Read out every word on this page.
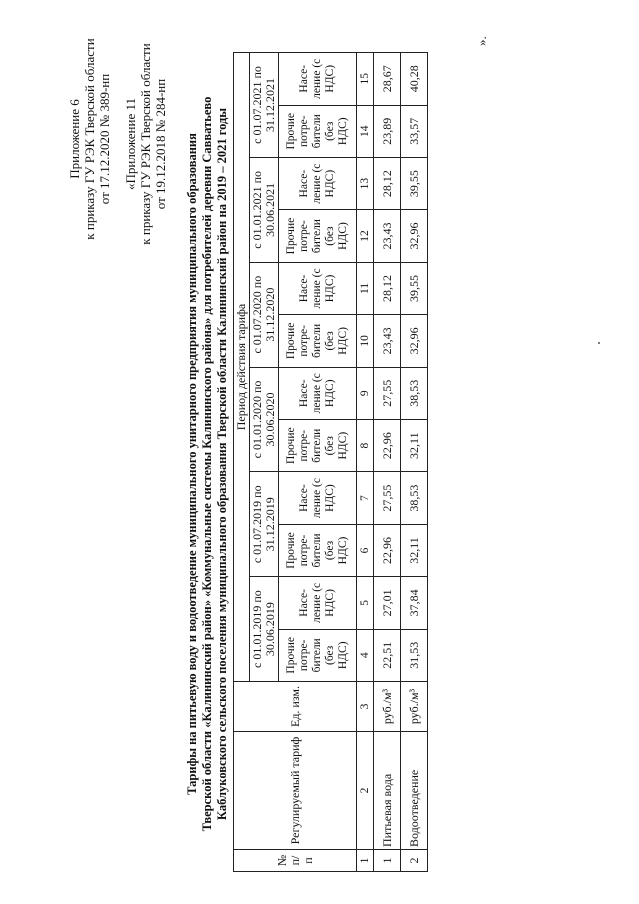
Приложение 6 к приказу ГУ РЭК Тверской области от 17.12.2020 № 389-нп «Приложение 11 к приказу ГУ РЭК Тверской области от 19.12.2018 № 284-нп Тарифы на питьевую воду и водоотведение муниципального унитарного предприятия муниципального образования Тверской области «Калининский район» «Коммунальные системы Калининского района» для потребителей деревни Савватьево Каблуковского сельского поселения муниципального образования Тверской области Калининский район на 2019 – 2021 годы
№ п/ п	Регулируемый тариф	Ед. изм.	Период действия тарифа											
			с 01.01.2019 по 30.06.2019		с 01.07.2019 по 31.12.2019		с 01.01.2020 по 30.06.2020		с 01.07.2020 по 31.12.2020		с 01.01.2021 по 30.06.2021		с 01.07.2021 по 31.12.2021	
			Прочие потре- бители (без НДС)	Насе- ление (с НДС)	Прочие потре- бители (без НДС)	Насе- ление (с НДС)	Прочие потре- бители (без НДС)	Насе- ление (с НДС)	Прочие потре- бители (без НДС)	Насе- ление (с НДС)	Прочие потре- бители (без НДС)	Насе- ление (с НДС)	Прочие потре- бители (без НДС)	Насе- ление (с НДС)
1	2	3	4	5	6	7	8	9	10	11	12	13	14	15
1	Питьевая вода	руб./м³	22,51	27,01	22,96	27,55	22,96	27,55	23,43	28,12	23,43	28,12	23,89	28,67
2	Водоотведение	руб./м³	31,53	37,84	32,11	38,53	32,11	38,53	32,96	39,55	32,96	39,55	33,57	40,28
».
